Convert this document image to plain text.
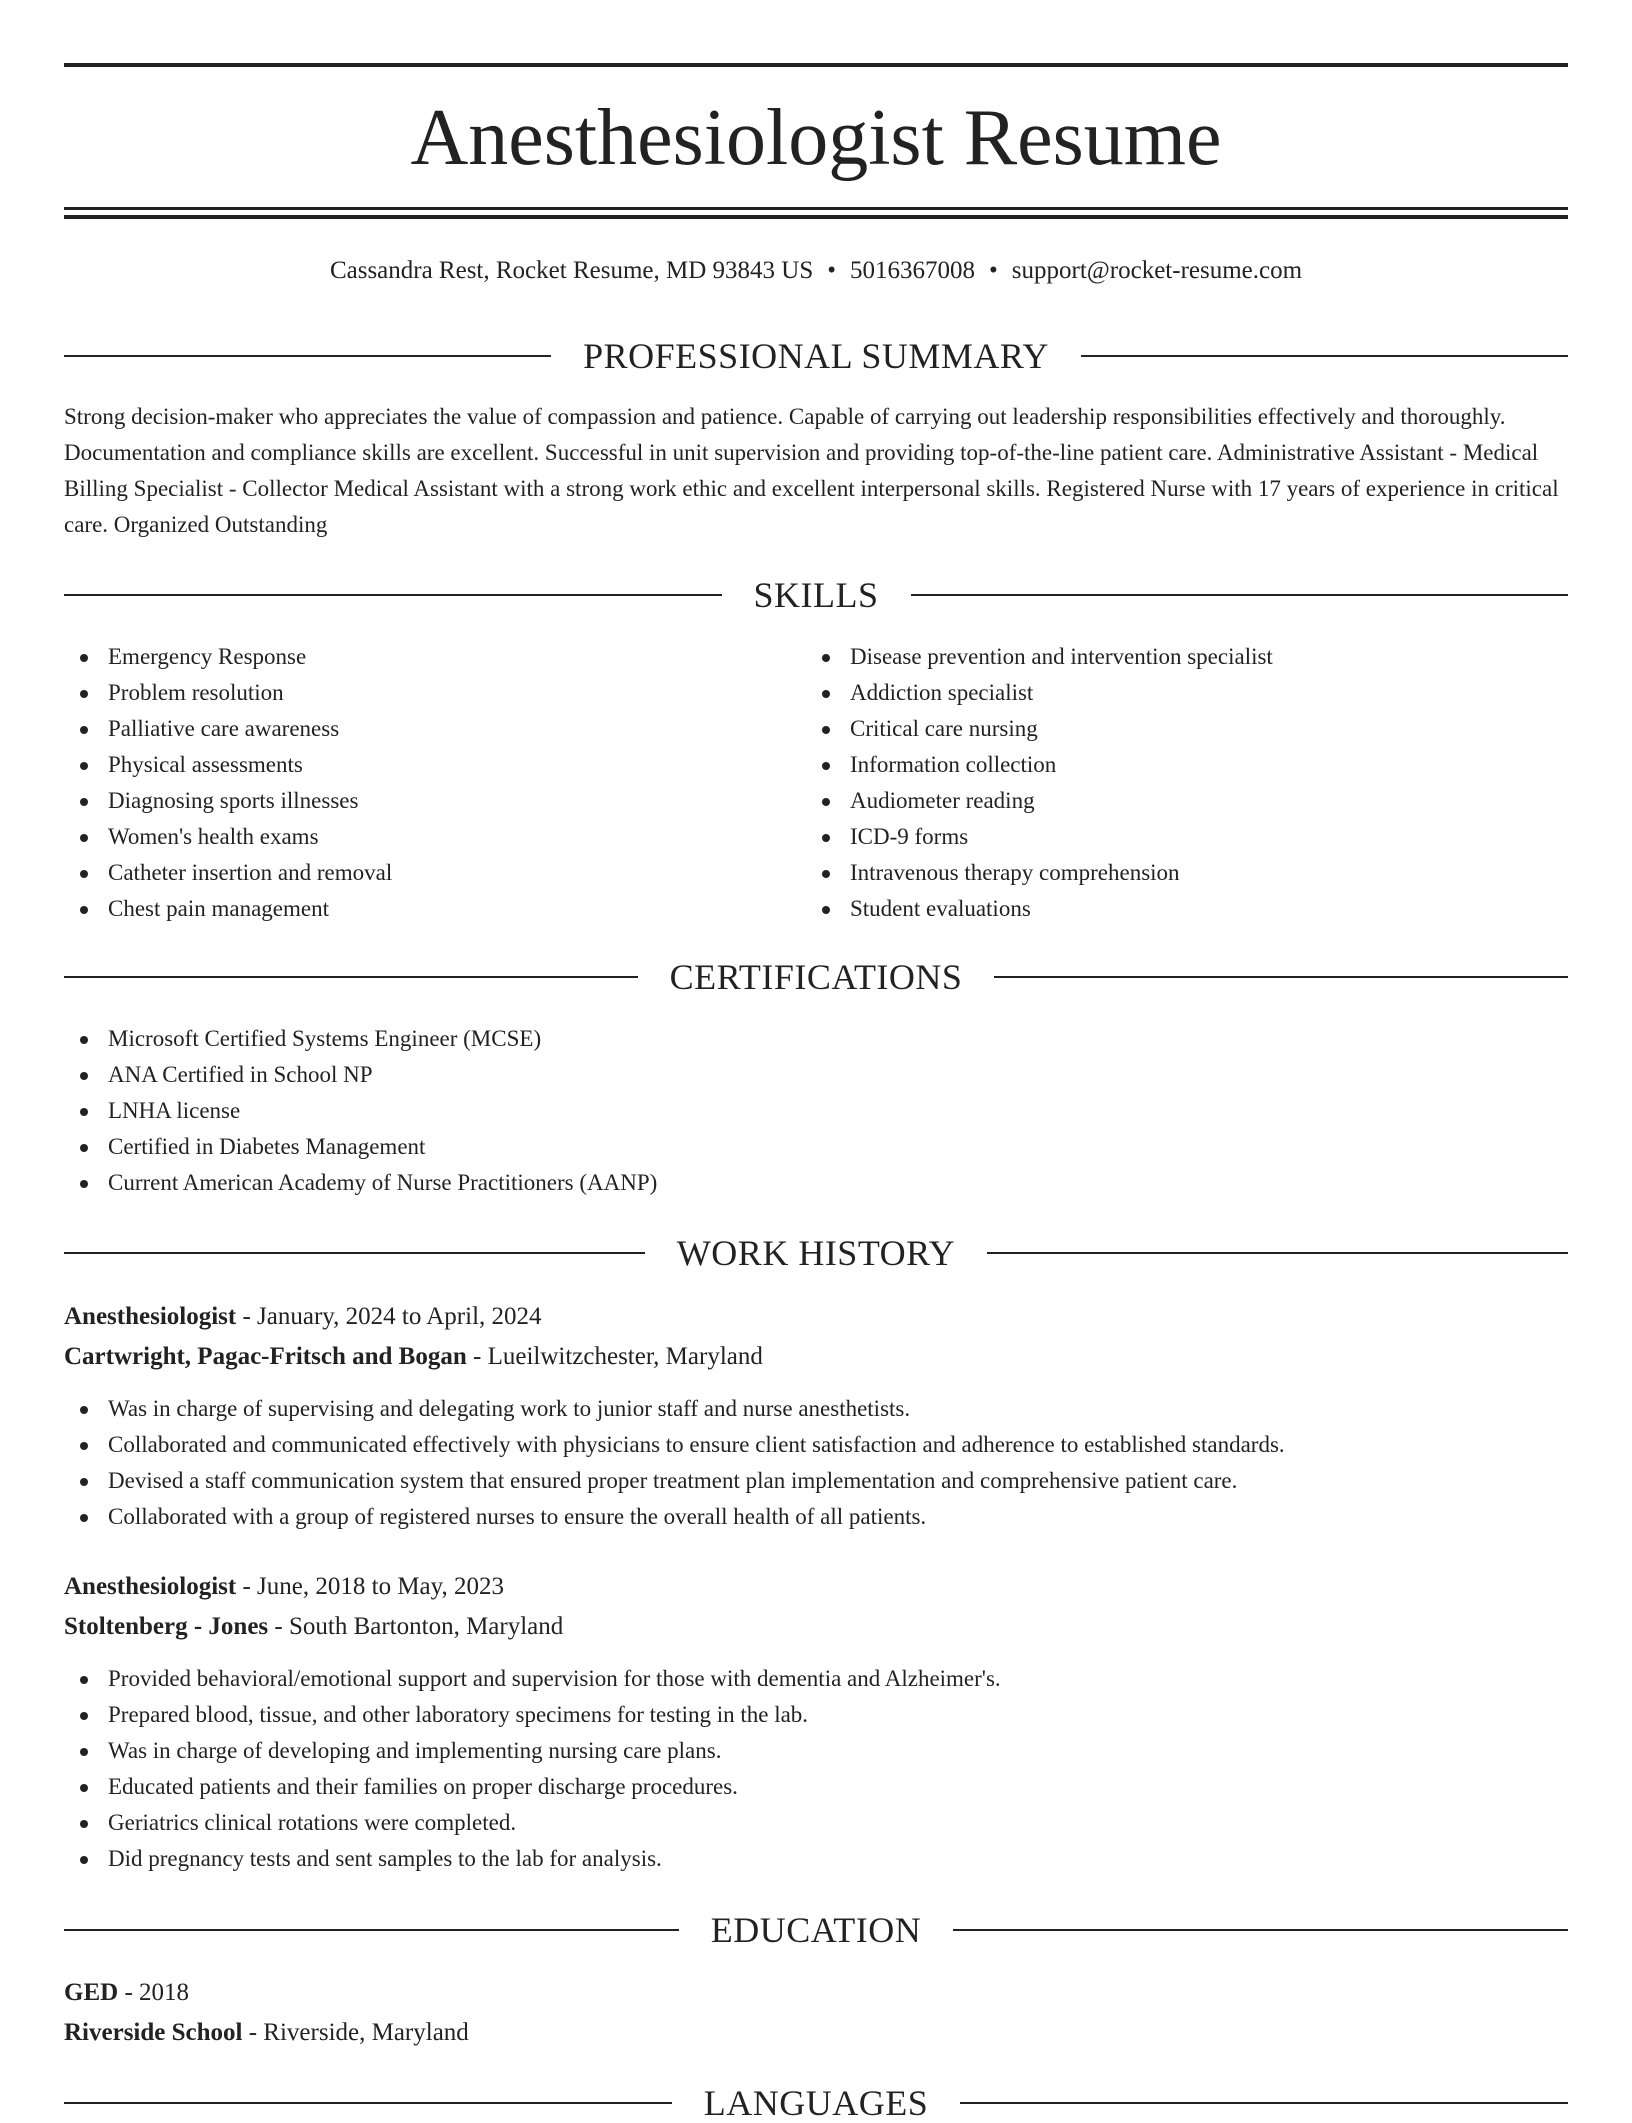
Anesthesiologist Resume
Cassandra Rest, Rocket Resume, MD 93843 US • 5016367008 • support@rocket-resume.com
PROFESSIONAL SUMMARY

Strong decision-maker who appreciates the value of compassion and patience. Capable of carrying out leadership responsibilities effectively and thoroughly. Documentation and compliance skills are excellent. Successful in unit supervision and providing top-of-the-line patient care. Administrative Assistant - Medical Billing Specialist - Collector Medical Assistant with a strong work ethic and excellent interpersonal skills. Registered Nurse with 17 years of experience in critical care. Organized Outstanding

SKILLS
Emergency Response
Problem resolution
Palliative care awareness
Physical assessments
Diagnosing sports illnesses
Women's health exams
Catheter insertion and removal
Chest pain management
Disease prevention and intervention specialist
Addiction specialist
Critical care nursing
Information collection
Audiometer reading
ICD-9 forms
Intravenous therapy comprehension
Student evaluations
CERTIFICATIONS
Microsoft Certified Systems Engineer (MCSE)
ANA Certified in School NP
LNHA license
Certified in Diabetes Management
Current American Academy of Nurse Practitioners (AANP)
WORK HISTORY
Anesthesiologist - January, 2024 to April, 2024
Cartwright, Pagac-Fritsch and Bogan - Lueilwitzchester, Maryland
Was in charge of supervising and delegating work to junior staff and nurse anesthetists.
Collaborated and communicated effectively with physicians to ensure client satisfaction and adherence to established standards.
Devised a staff communication system that ensured proper treatment plan implementation and comprehensive patient care.
Collaborated with a group of registered nurses to ensure the overall health of all patients.
Anesthesiologist - June, 2018 to May, 2023
Stoltenberg - Jones - South Bartonton, Maryland
Provided behavioral/emotional support and supervision for those with dementia and Alzheimer's.
Prepared blood, tissue, and other laboratory specimens for testing in the lab.
Was in charge of developing and implementing nursing care plans.
Educated patients and their families on proper discharge procedures.
Geriatrics clinical rotations were completed.
Did pregnancy tests and sent samples to the lab for analysis.
EDUCATION
GED - 2018
Riverside School - Riverside, Maryland
LANGUAGES
